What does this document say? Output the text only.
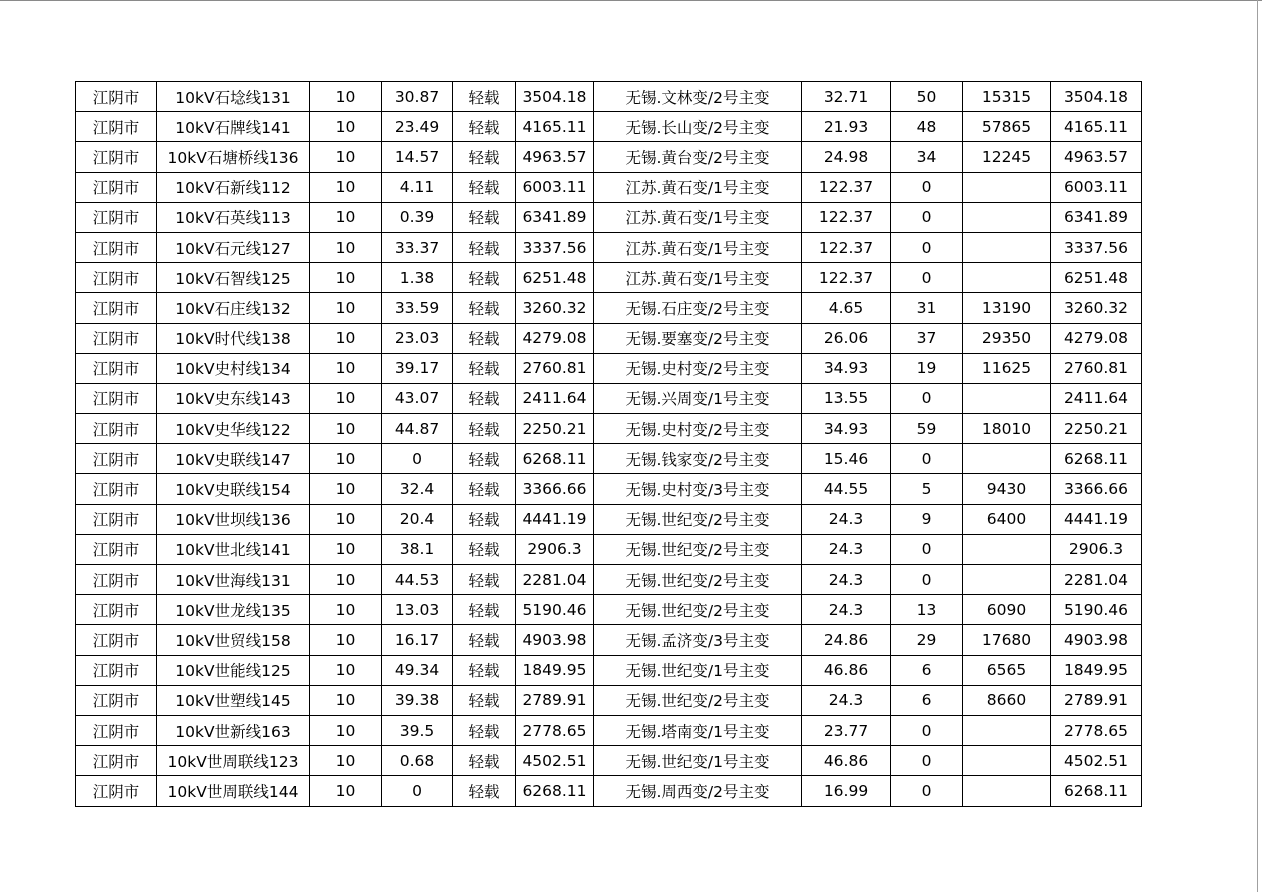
江阴市	10kV石埝线131	10	30.87	轻载	3504.18	无锡.文林变/2号主变	32.71	50	15315	3504.18
江阴市	10kV石牌线141	10	23.49	轻载	4165.11	无锡.长山变/2号主变	21.93	48	57865	4165.11
江阴市	10kV石塘桥线136	10	14.57	轻载	4963.57	无锡.黄台变/2号主变	24.98	34	12245	4963.57
江阴市	10kV石新线112	10	4.11	轻载	6003.11	江苏.黄石变/1号主变	122.37	0		6003.11
江阴市	10kV石英线113	10	0.39	轻载	6341.89	江苏.黄石变/1号主变	122.37	0		6341.89
江阴市	10kV石元线127	10	33.37	轻载	3337.56	江苏.黄石变/1号主变	122.37	0		3337.56
江阴市	10kV石智线125	10	1.38	轻载	6251.48	江苏.黄石变/1号主变	122.37	0		6251.48
江阴市	10kV石庄线132	10	33.59	轻载	3260.32	无锡.石庄变/2号主变	4.65	31	13190	3260.32
江阴市	10kV时代线138	10	23.03	轻载	4279.08	无锡.要塞变/2号主变	26.06	37	29350	4279.08
江阴市	10kV史村线134	10	39.17	轻载	2760.81	无锡.史村变/2号主变	34.93	19	11625	2760.81
江阴市	10kV史东线143	10	43.07	轻载	2411.64	无锡.兴周变/1号主变	13.55	0		2411.64
江阴市	10kV史华线122	10	44.87	轻载	2250.21	无锡.史村变/2号主变	34.93	59	18010	2250.21
江阴市	10kV史联线147	10	0	轻载	6268.11	无锡.钱家变/2号主变	15.46	0		6268.11
江阴市	10kV史联线154	10	32.4	轻载	3366.66	无锡.史村变/3号主变	44.55	5	9430	3366.66
江阴市	10kV世坝线136	10	20.4	轻载	4441.19	无锡.世纪变/2号主变	24.3	9	6400	4441.19
江阴市	10kV世北线141	10	38.1	轻载	2906.3	无锡.世纪变/2号主变	24.3	0		2906.3
江阴市	10kV世海线131	10	44.53	轻载	2281.04	无锡.世纪变/2号主变	24.3	0		2281.04
江阴市	10kV世龙线135	10	13.03	轻载	5190.46	无锡.世纪变/2号主变	24.3	13	6090	5190.46
江阴市	10kV世贸线158	10	16.17	轻载	4903.98	无锡.孟济变/3号主变	24.86	29	17680	4903.98
江阴市	10kV世能线125	10	49.34	轻载	1849.95	无锡.世纪变/1号主变	46.86	6	6565	1849.95
江阴市	10kV世塑线145	10	39.38	轻载	2789.91	无锡.世纪变/2号主变	24.3	6	8660	2789.91
江阴市	10kV世新线163	10	39.5	轻载	2778.65	无锡.塔南变/1号主变	23.77	0		2778.65
江阴市	10kV世周联线123	10	0.68	轻载	4502.51	无锡.世纪变/1号主变	46.86	0		4502.51
江阴市	10kV世周联线144	10	0	轻载	6268.11	无锡.周西变/2号主变	16.99	0		6268.11
